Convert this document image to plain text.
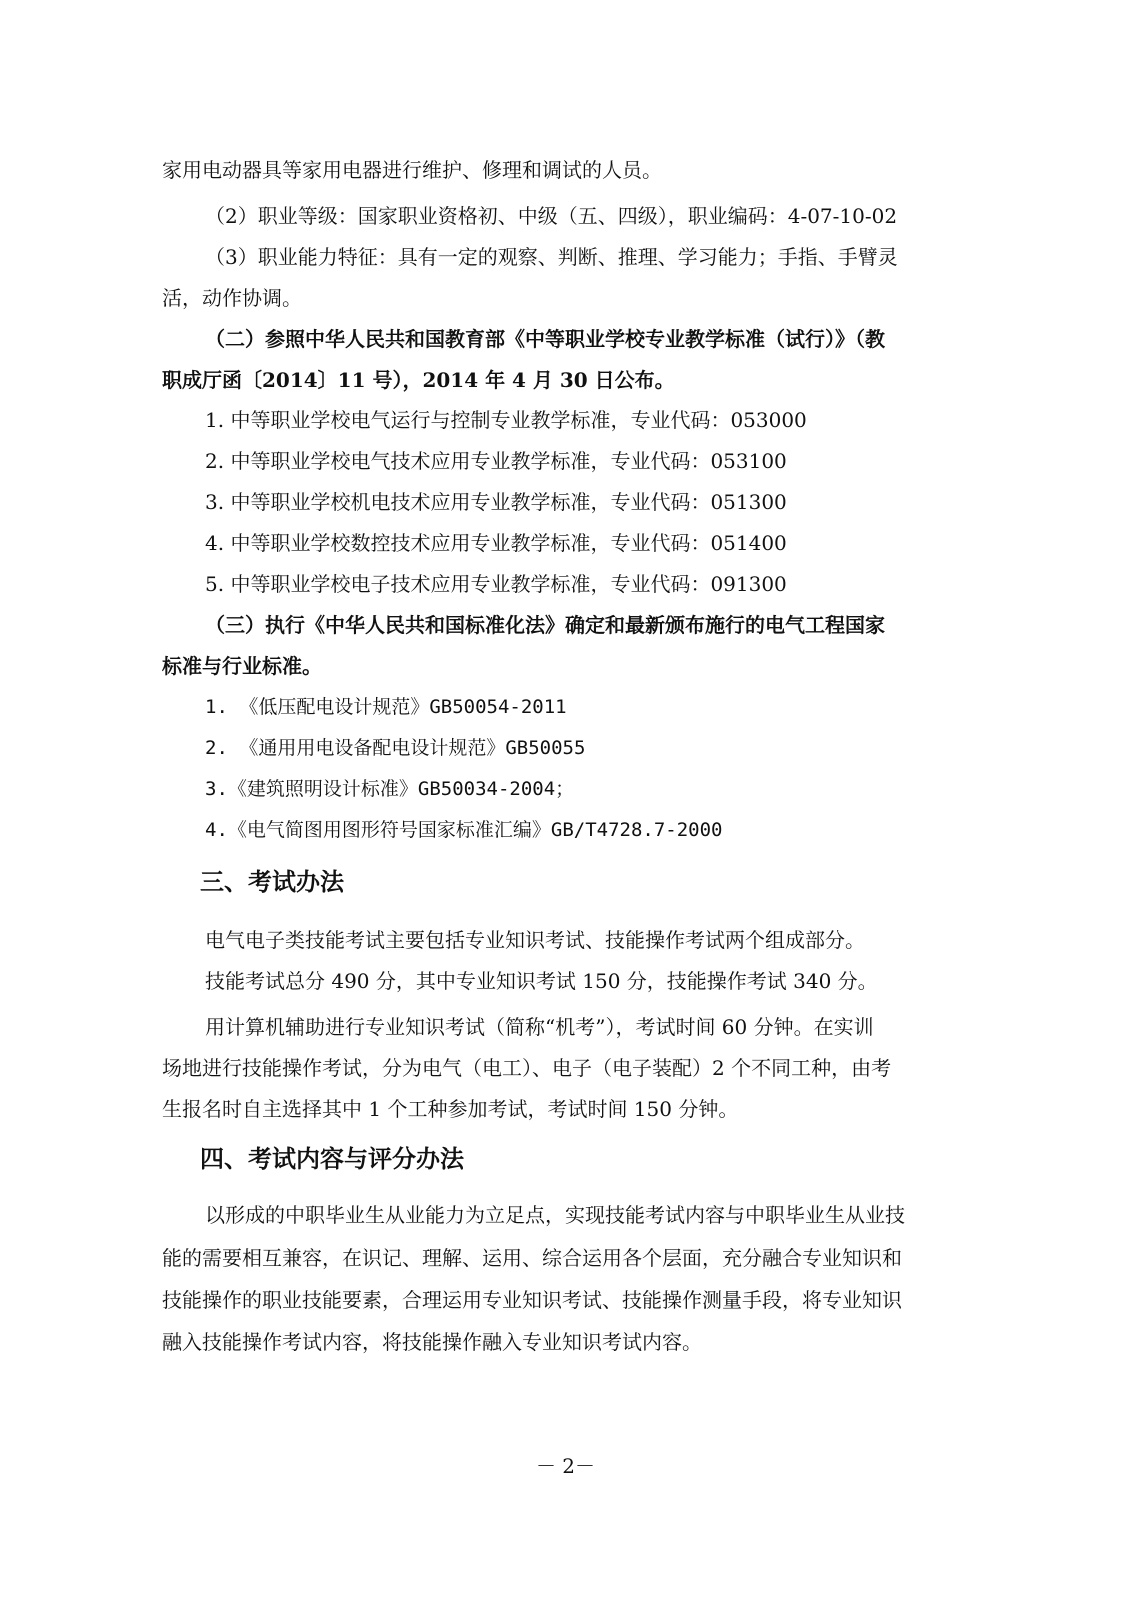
家用电动器具等家用电器进行维护、修理和调试的人员。
（2）职业等级：国家职业资格初、中级（五、四级），职业编码：4-07-10-02
（3）职业能力特征：具有一定的观察、判断、推理、学习能力；手指、手臂灵
活，动作协调。
（二）参照中华人民共和国教育部《中等职业学校专业教学标准（试行）》（教
职成厅函〔2014〕11 号），2014 年 4 月 30 日公布。
1. 中等职业学校电气运行与控制专业教学标准，专业代码：053000
2. 中等职业学校电气技术应用专业教学标准，专业代码：053100
3. 中等职业学校机电技术应用专业教学标准，专业代码：051300
4. 中等职业学校数控技术应用专业教学标准，专业代码：051400
5. 中等职业学校电子技术应用专业教学标准，专业代码：091300
（三）执行《中华人民共和国标准化法》确定和最新颁布施行的电气工程国家
标准与行业标准。
1. 《低压配电设计规范》GB50054-2011
2. 《通用用电设备配电设计规范》GB50055
3.《建筑照明设计标准》GB50034-2004；
4.《电气简图用图形符号国家标准汇编》GB/T4728.7-2000
三、考试办法
电气电子类技能考试主要包括专业知识考试、技能操作考试两个组成部分。
技能考试总分 490 分，其中专业知识考试 150 分，技能操作考试 340 分。
用计算机辅助进行专业知识考试（简称“机考”），考试时间 60 分钟。在实训
场地进行技能操作考试，分为电气（电工）、电子（电子装配）2 个不同工种，由考
生报名时自主选择其中 1 个工种参加考试，考试时间 150 分钟。
四、考试内容与评分办法
以形成的中职毕业生从业能力为立足点，实现技能考试内容与中职毕业生从业技
能的需要相互兼容，在识记、理解、运用、综合运用各个层面，充分融合专业知识和
技能操作的职业技能要素，合理运用专业知识考试、技能操作测量手段，将专业知识
融入技能操作考试内容，将技能操作融入专业知识考试内容。
－ 2－
